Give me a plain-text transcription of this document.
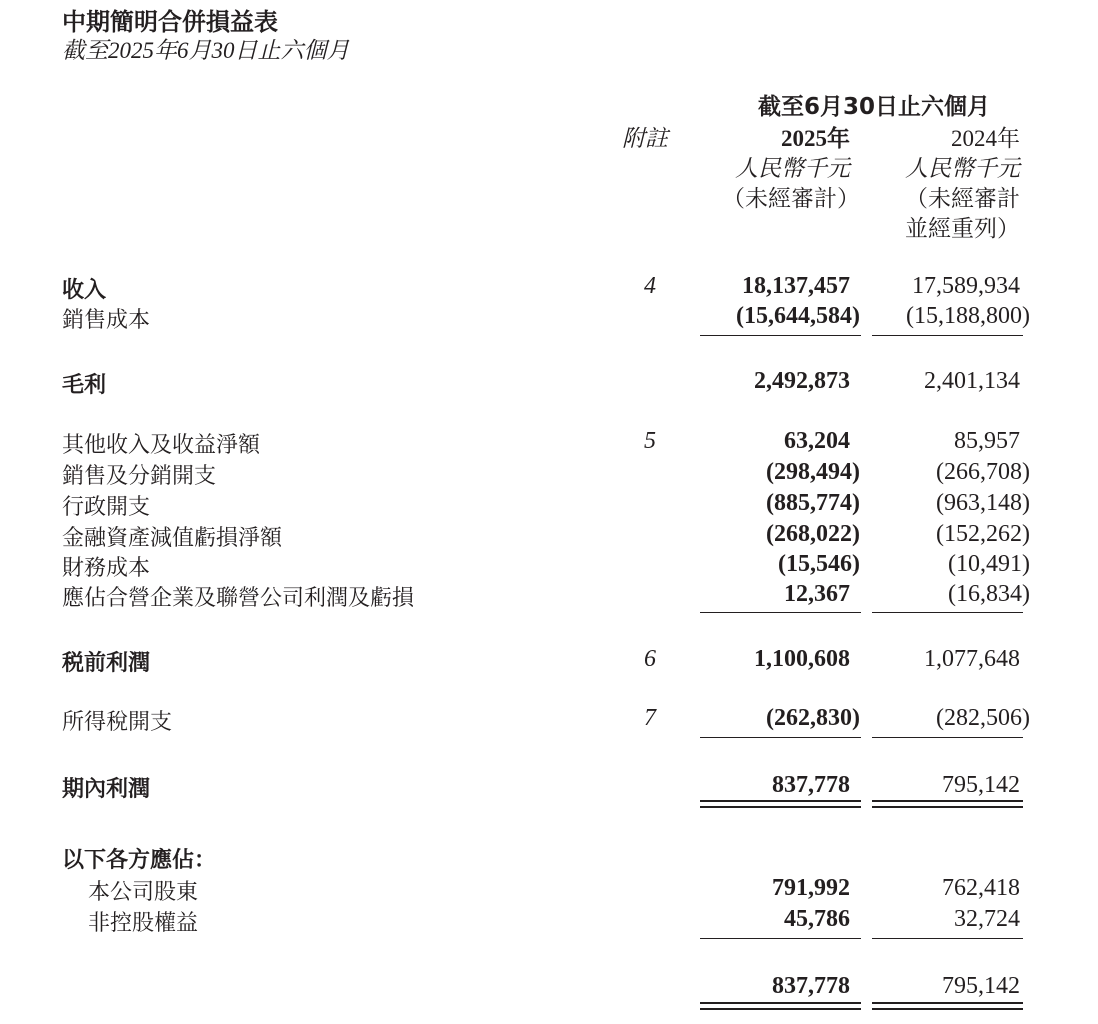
中期簡明合併損益表
截至2025年6月30日止六個月
截至6月30日止六個月
附註	2025年
人民幣千元
（未經審計）
2024年
人民幣千元
（未經審計
並經重列）
收入	4	18,137,457	17,589,934
銷售成本	(15,644,584) (15,188,800)
毛利	2,492,873	2,401,134
其他收入及收益淨額	5	63,204	85,957
銷售及分銷開支	(298,494)	(266,708)
行政開支	(885,774)	(963,148)
金融資產減值虧損淨額	(268,022)	(152,262)
財務成本	(15,546)	(10,491)
應佔合營企業及聯營公司利潤及虧損	12,367	(16,834)
税前利潤	6	1,100,608	1,077,648
所得稅開支	7	(262,830)	(282,506)
期內利潤	837,778	795,142
以下各方應佔：
本公司股東	791,992	762,418
非控股權益	45,786	32,724
837,778	795,142
